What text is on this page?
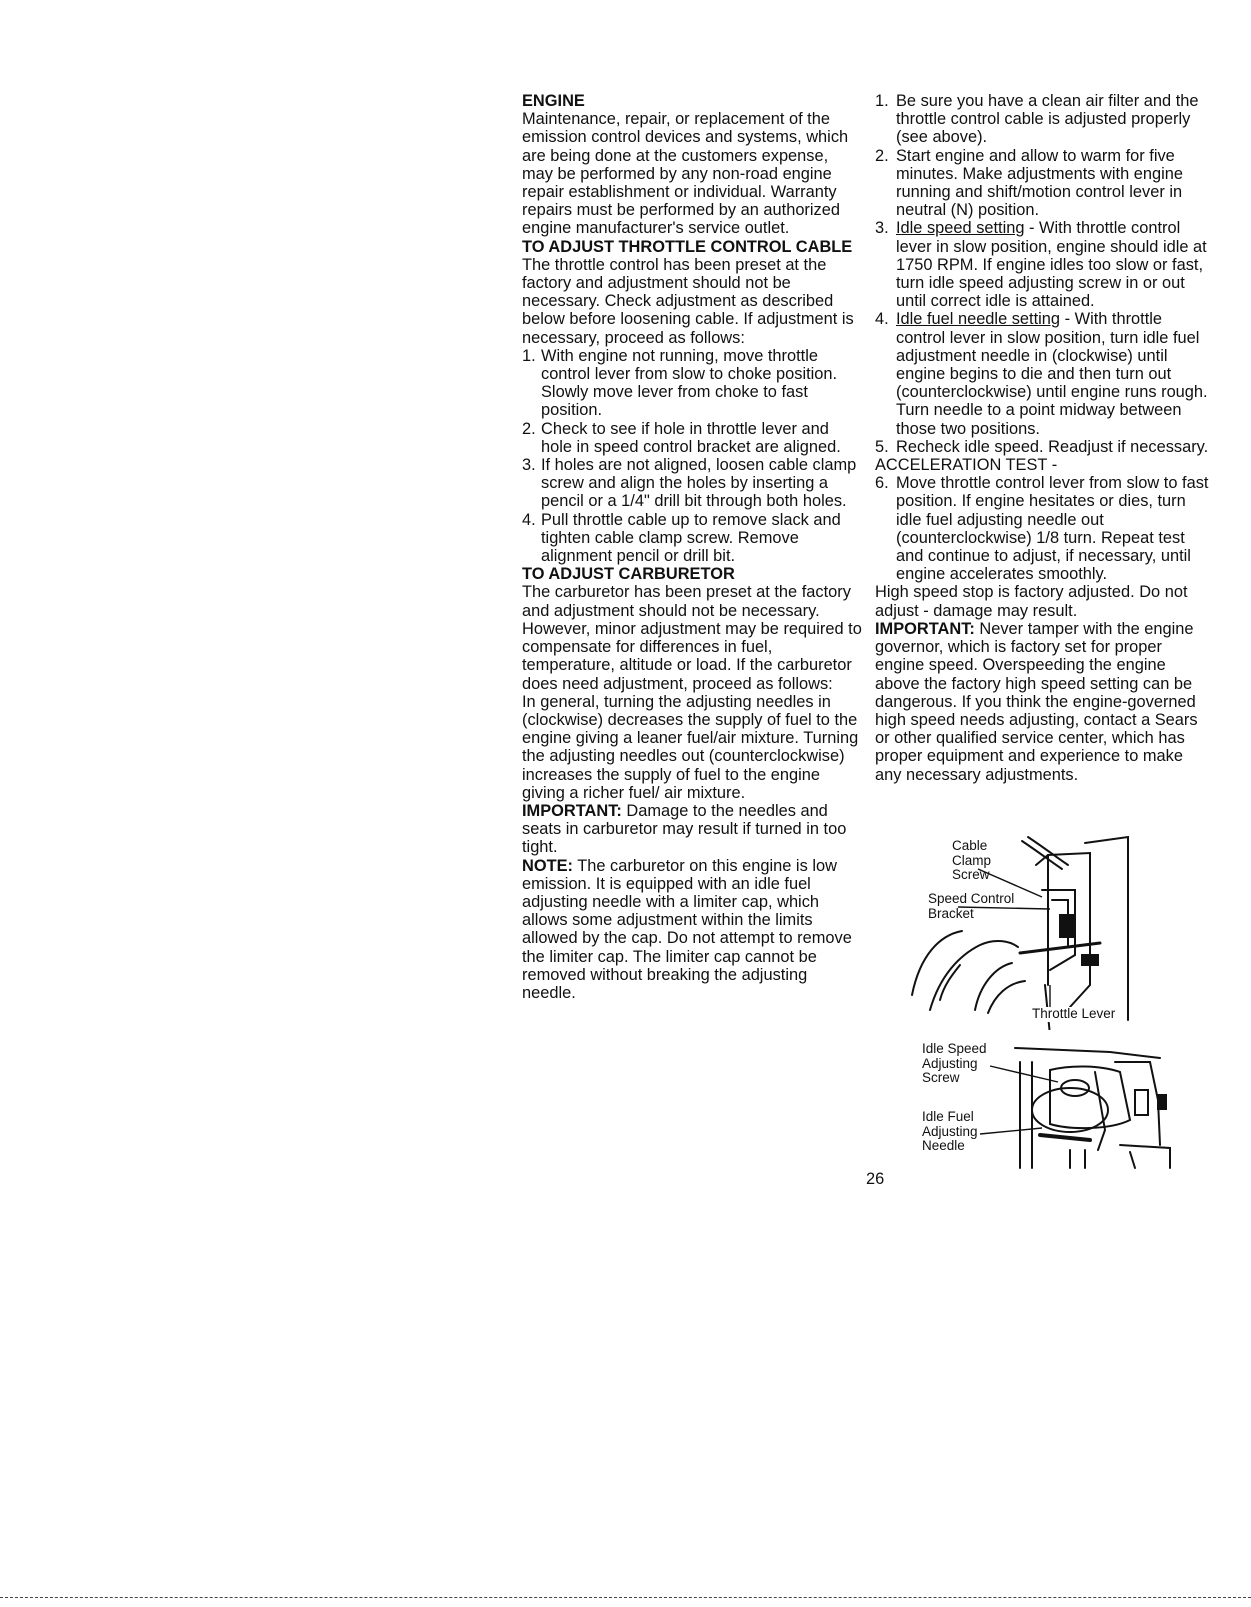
ENGINE

Maintenance, repair, or replacement of the emission control devices and systems, which are being done at the customers expense, may be performed by any non-road engine repair establishment or individual. Warranty repairs must be performed by an authorized engine manufacturer's service outlet.

TO ADJUST THROTTLE CONTROL CABLE

The throttle control has been preset at the factory and adjustment should not be necessary. Check adjustment as described below before loosening cable. If adjustment is necessary, proceed as follows:

1. With engine not running, move throttle control lever from slow to choke position. Slowly move lever from choke to fast position.
2. Check to see if hole in throttle lever and hole in speed control bracket are aligned.
3. If holes are not aligned, loosen cable clamp screw and align the holes by inserting a pencil or a 1/4" drill bit through both holes.
4. Pull throttle cable up to remove slack and tighten cable clamp screw. Remove alignment pencil or drill bit.
TO ADJUST CARBURETOR

The carburetor has been preset at the factory and adjustment should not be necessary. However, minor adjustment may be required to compensate for differences in fuel, temperature, altitude or load. If the carburetor does need adjustment, proceed as follows:

In general, turning the adjusting needles in (clockwise) decreases the supply of fuel to the engine giving a leaner fuel/air mixture. Turning the adjusting needles out (counterclockwise) increases the supply of fuel to the engine giving a richer fuel/ air mixture.

IMPORTANT: Damage to the needles and seats in carburetor may result if turned in too tight.

NOTE: The carburetor on this engine is low emission. It is equipped with an idle fuel adjusting needle with a limiter cap, which allows some adjustment within the limits allowed by the cap. Do not attempt to remove the limiter cap. The limiter cap cannot be removed without breaking the adjusting needle.

1. Be sure you have a clean air filter and the throttle control cable is adjusted properly (see above).
2. Start engine and allow to warm for five minutes. Make adjustments with engine running and shift/motion control lever in neutral (N) position.
3. Idle speed setting - With throttle control lever in slow position, engine should idle at 1750 RPM. If engine idles too slow or fast, turn idle speed adjusting screw in or out until correct idle is attained.
4. Idle fuel needle setting - With throttle control lever in slow position, turn idle fuel adjustment needle in (clockwise) until engine begins to die and then turn out (counterclockwise) until engine runs rough. Turn needle to a point midway between those two positions.
5. Recheck idle speed. Readjust if necessary.

ACCELERATION TEST -

6. Move throttle control lever from slow to fast position. If engine hesitates or dies, turn idle fuel adjusting needle out (counterclockwise) 1/8 turn. Repeat test and continue to adjust, if necessary, until engine accelerates smoothly.

High speed stop is factory adjusted. Do not adjust - damage may result.

IMPORTANT: Never tamper with the engine governor, which is factory set for proper engine speed. Overspeeding the engine above the factory high speed setting can be dangerous. If you think the engine-governed high speed needs adjusting, contact a Sears or other qualified service center, which has proper equipment and experience to make any necessary adjustments.

Cable
Clamp
Screw
Speed Control
Bracket
Throttle Lever
Idle Speed
Adjusting
Screw
Idle Fuel
Adjusting
Needle
26
